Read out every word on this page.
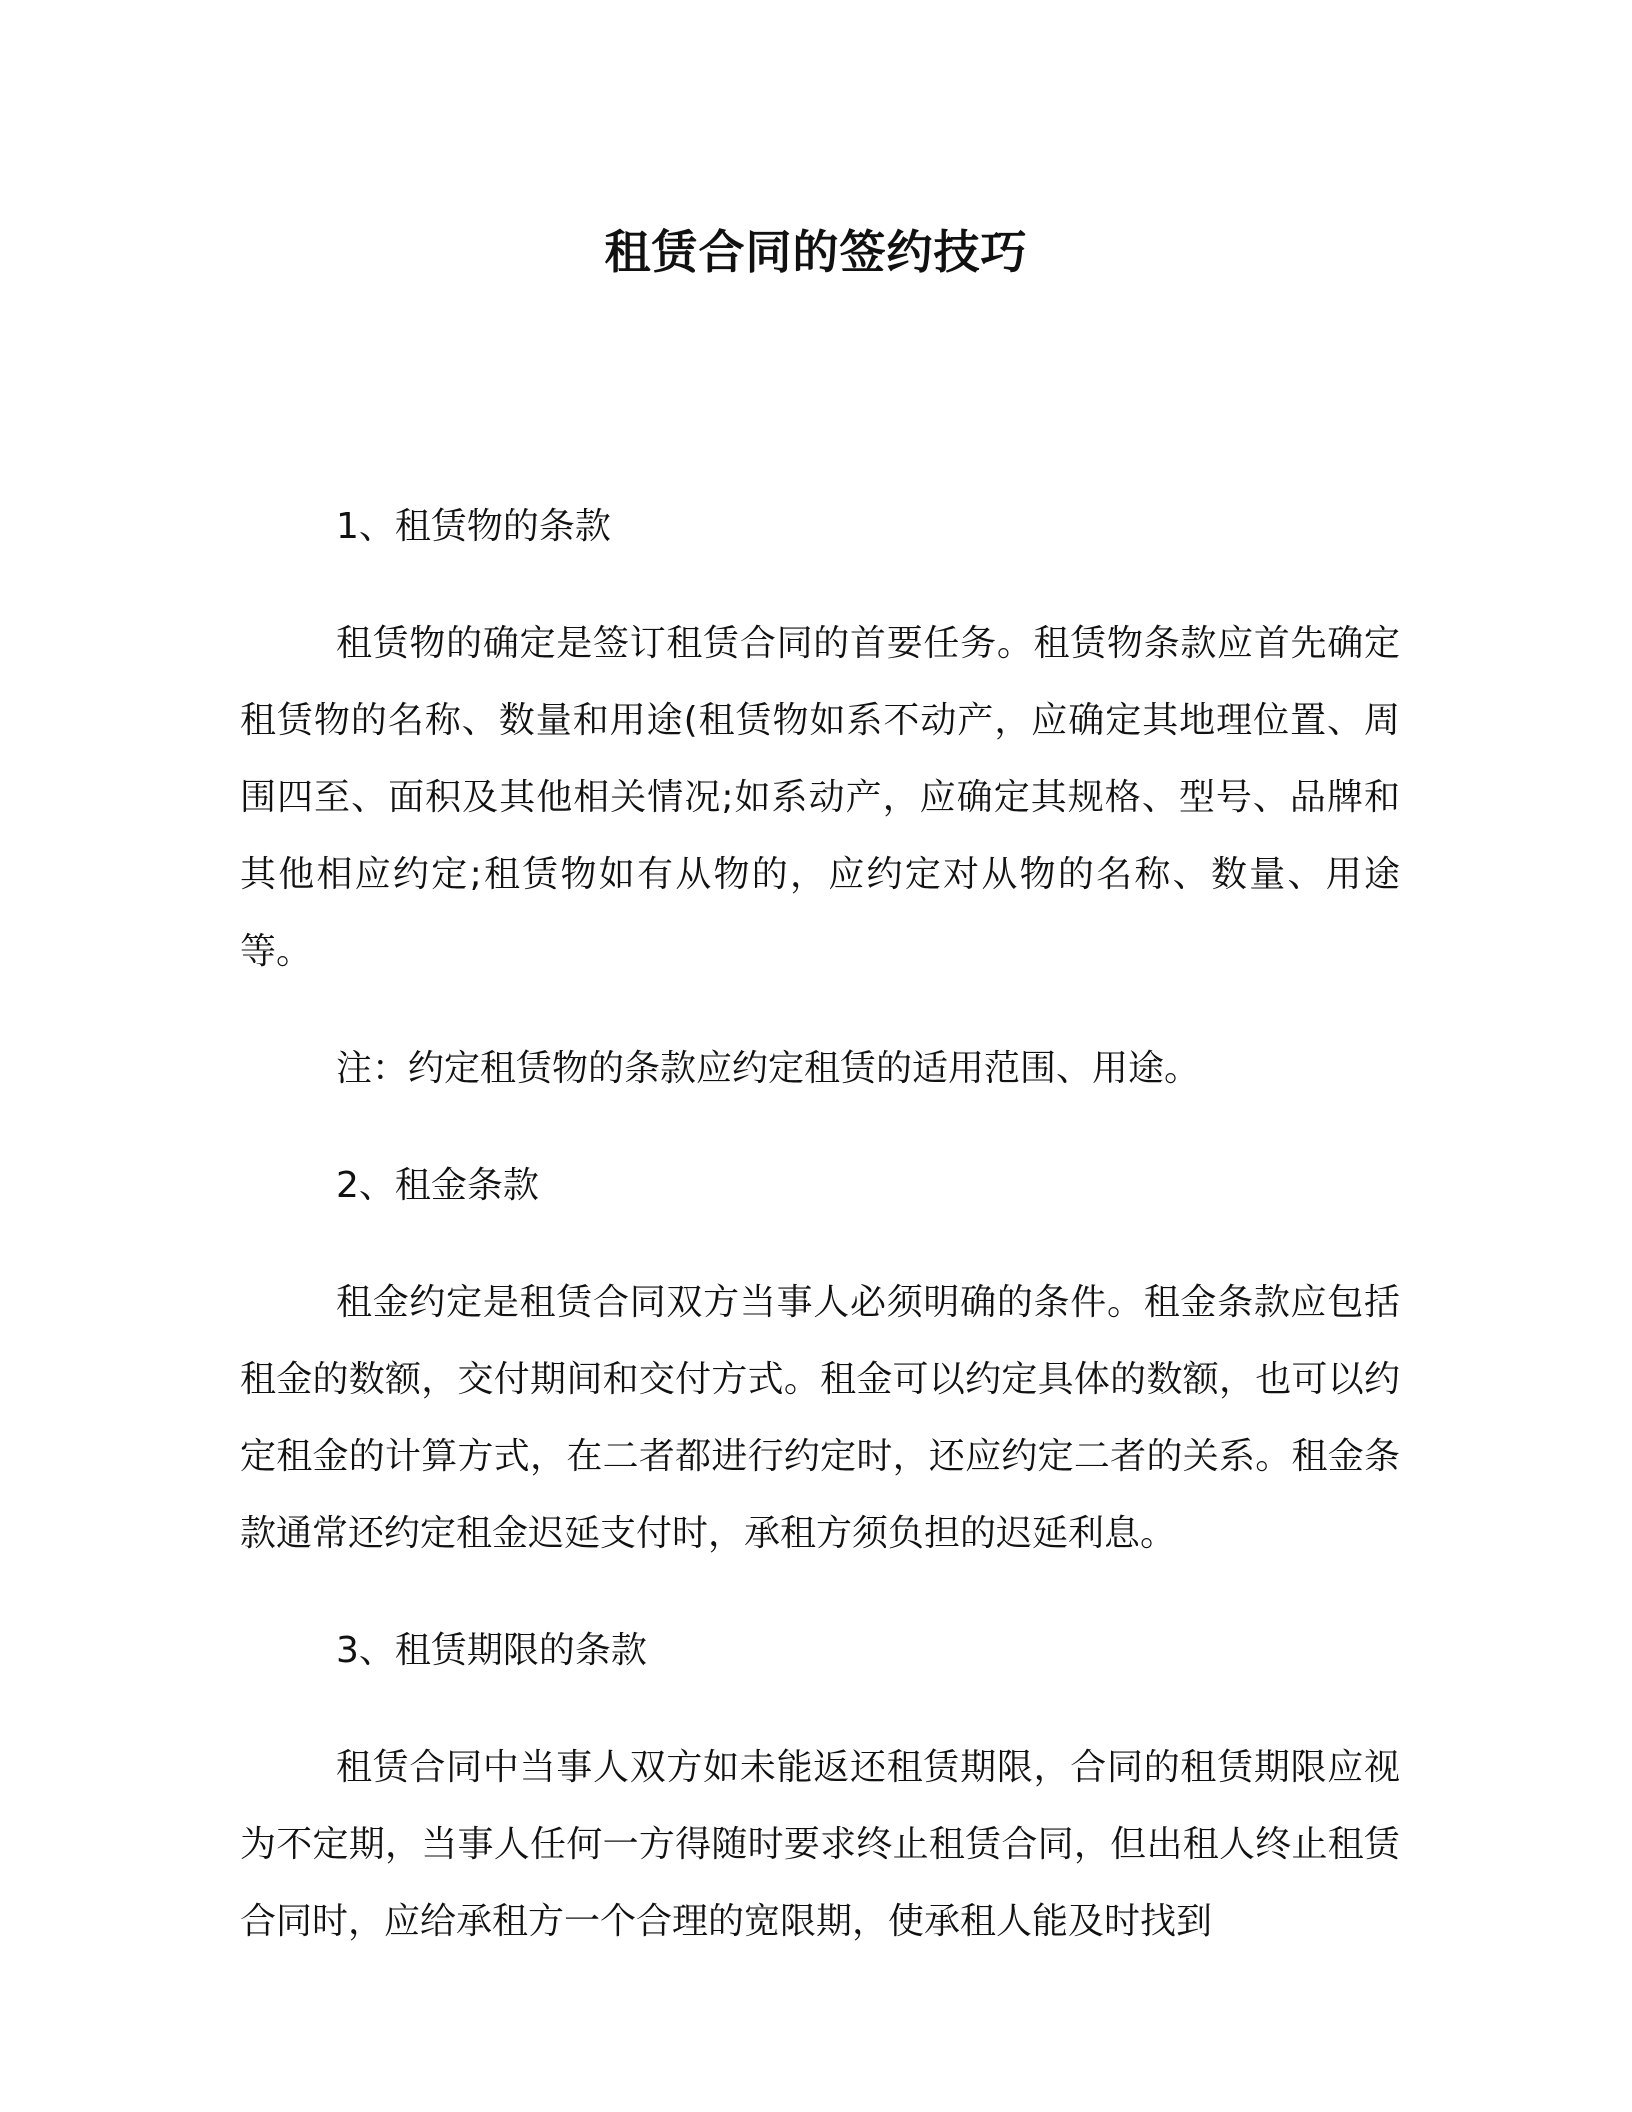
租赁合同的签约技巧

1、租赁物的条款

租赁物的确定是签订租赁合同的首要任务。租赁物条款应首先确定租赁物的名称、数量和用途(租赁物如系不动产，应确定其地理位置、周围四至、面积及其他相关情况;如系动产，应确定其规格、型号、品牌和其他相应约定;租赁物如有从物的，应约定对从物的名称、数量、用途等。

注：约定租赁物的条款应约定租赁的适用范围、用途。

2、租金条款

租金约定是租赁合同双方当事人必须明确的条件。租金条款应包括租金的数额，交付期间和交付方式。租金可以约定具体的数额，也可以约定租金的计算方式，在二者都进行约定时，还应约定二者的关系。租金条款通常还约定租金迟延支付时，承租方须负担的迟延利息。

3、租赁期限的条款

租赁合同中当事人双方如未能返还租赁期限，合同的租赁期限应视为不定期，当事人任何一方得随时要求终止租赁合同，但出租人终止租赁合同时，应给承租方一个合理的宽限期，使承租人能及时找到
